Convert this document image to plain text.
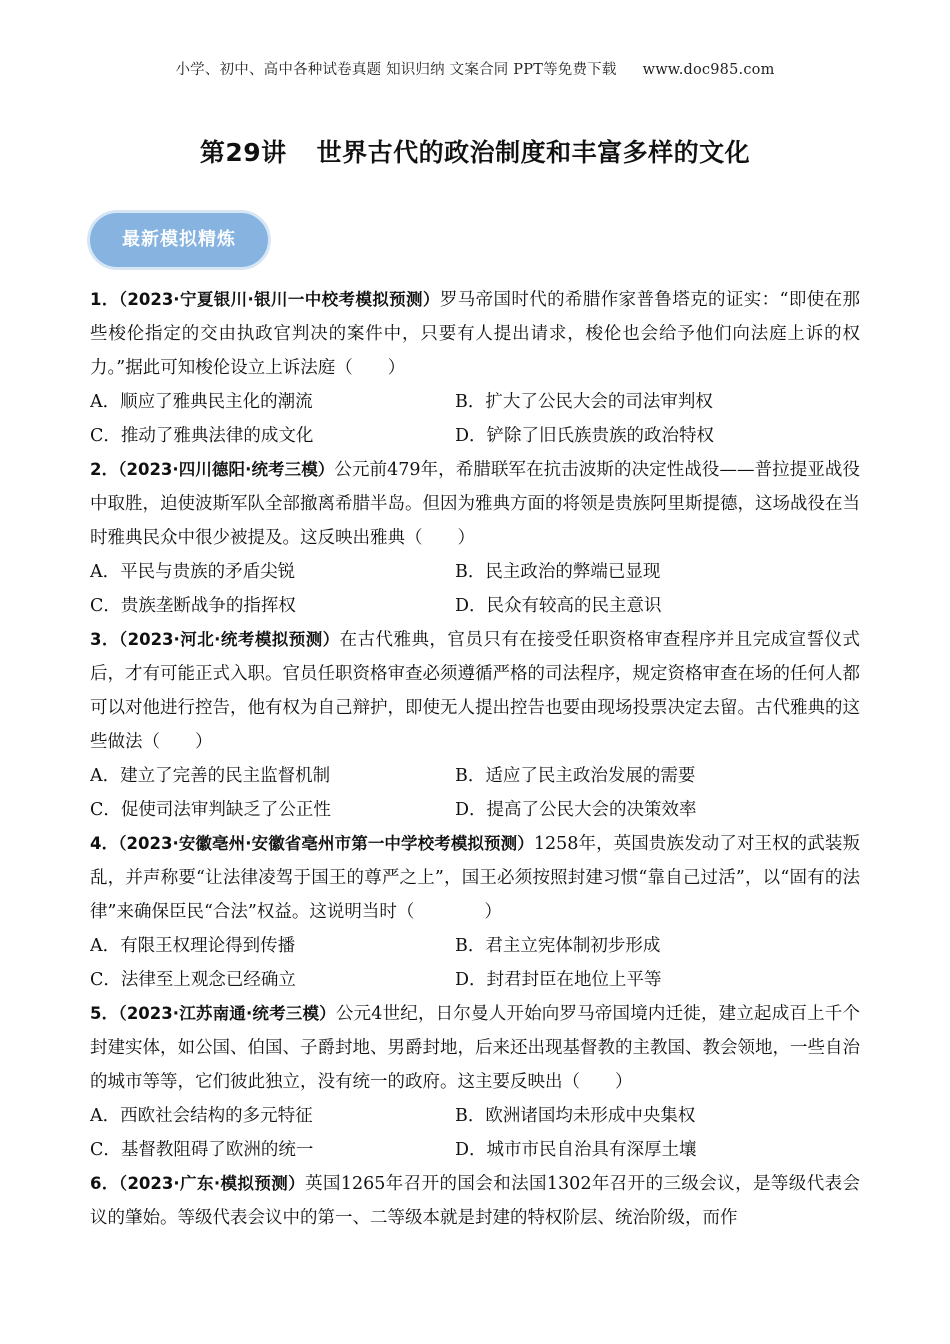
小学、初中、高中各种试卷真题 知识归纳 文案合同 PPT等免费下载 www.doc985.com
第29讲 世界古代的政治制度和丰富多样的文化
最新模拟精炼

1．（2023·宁夏银川·银川一中校考模拟预测）罗马帝国时代的希腊作家普鲁塔克的证实：“即使在那些梭伦指定的交由执政官判决的案件中，只要有人提出请求，梭伦也会给予他们向法庭上诉的权力。”据此可知梭伦设立上诉法庭（　　）

A．顺应了雅典民主化的潮流	B．扩大了公民大会的司法审判权
C．推动了雅典法律的成文化	D．铲除了旧氏族贵族的政治特权

2．（2023·四川德阳·统考三模）公元前479年，希腊联军在抗击波斯的决定性战役——普拉提亚战役中取胜，迫使波斯军队全部撤离希腊半岛。但因为雅典方面的将领是贵族阿里斯提德，这场战役在当时雅典民众中很少被提及。这反映出雅典（　　）

A．平民与贵族的矛盾尖锐	B．民主政治的弊端已显现
C．贵族垄断战争的指挥权	D．民众有较高的民主意识

3．（2023·河北·统考模拟预测）在古代雅典，官员只有在接受任职资格审查程序并且完成宣誓仪式后，才有可能正式入职。官员任职资格审查必须遵循严格的司法程序，规定资格审查在场的任何人都可以对他进行控告，他有权为自己辩护，即使无人提出控告也要由现场投票决定去留。古代雅典的这些做法（　　）

A．建立了完善的民主监督机制	B．适应了民主政治发展的需要
C．促使司法审判缺乏了公正性	D．提高了公民大会的决策效率

4．（2023·安徽亳州·安徽省亳州市第一中学校考模拟预测）1258年，英国贵族发动了对王权的武装叛乱，并声称要“让法律凌驾于国王的尊严之上”，国王必须按照封建习惯“靠自己过活”，以“固有的法律”来确保臣民“合法”权益。这说明当时（　　　　）

A．有限王权理论得到传播	B．君主立宪体制初步形成
C．法律至上观念已经确立	D．封君封臣在地位上平等

5．（2023·江苏南通·统考三模）公元4世纪，日尔曼人开始向罗马帝国境内迁徙，建立起成百上千个封建实体，如公国、伯国、子爵封地、男爵封地，后来还出现基督教的主教国、教会领地，一些自治的城市等等，它们彼此独立，没有统一的政府。这主要反映出（　　）

A．西欧社会结构的多元特征	B．欧洲诸国均未形成中央集权
C．基督教阻碍了欧洲的统一	D．城市市民自治具有深厚土壤

6．（2023·广东·模拟预测）英国1265年召开的国会和法国1302年召开的三级会议，是等级代表会议的肇始。等级代表会议中的第一、二等级本就是封建的特权阶层、统治阶级，而作
